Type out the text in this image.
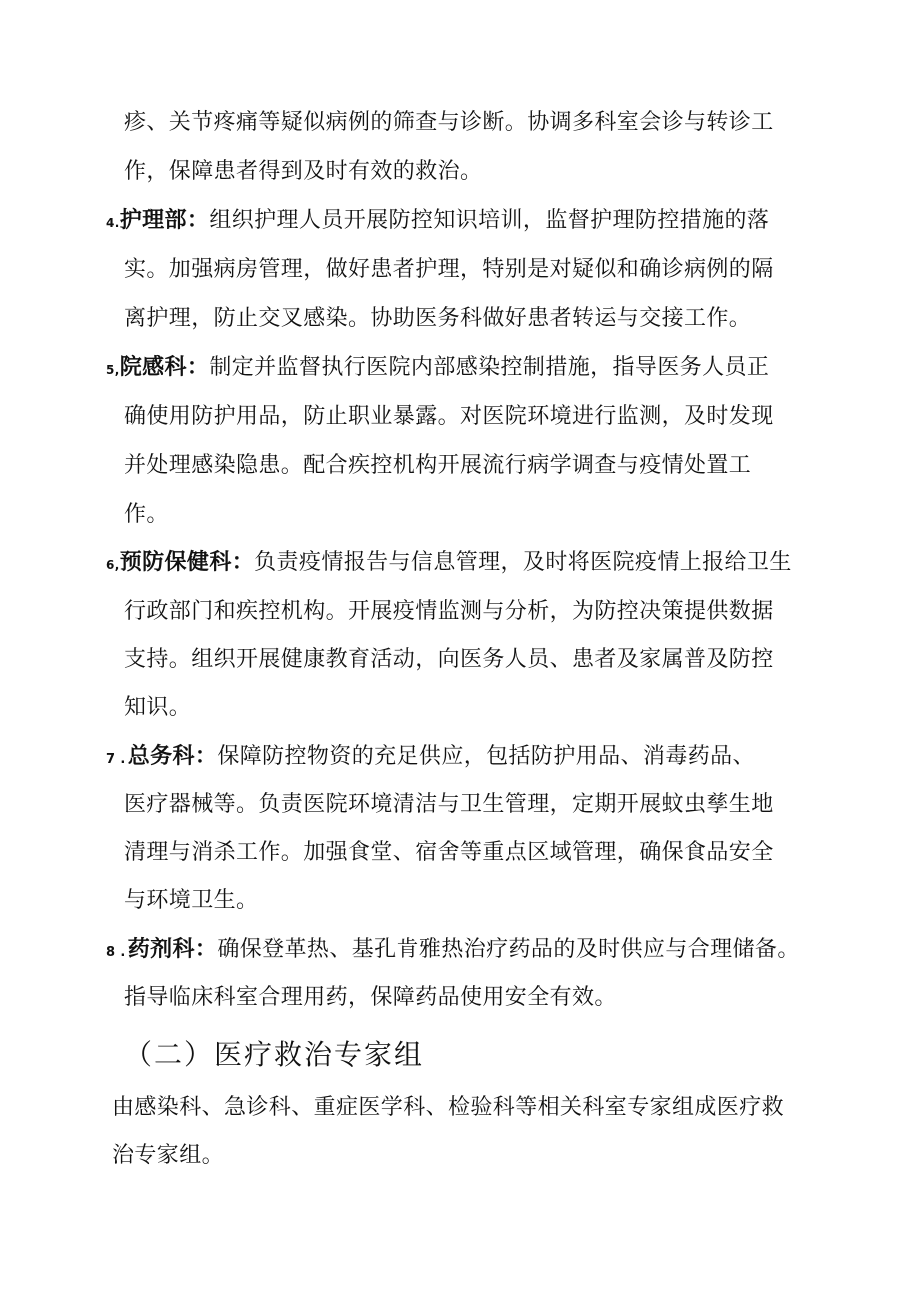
疹、关节疼痛等疑似病例的筛查与诊断。协调多科室会诊与转诊工
作，保障患者得到及时有效的救治。
4.护理部：组织护理人员开展防控知识培训，监督护理防控措施的落
实。加强病房管理，做好患者护理，特别是对疑似和确诊病例的隔
离护理，防止交叉感染。协助医务科做好患者转运与交接工作。
5,院感科：制定并监督执行医院内部感染控制措施，指导医务人员正
确使用防护用品，防止职业暴露。对医院环境进行监测，及时发现
并处理感染隐患。配合疾控机构开展流行病学调查与疫情处置工
作。
6,预防保健科：负责疫情报告与信息管理，及时将医院疫情上报给卫生
行政部门和疾控机构。开展疫情监测与分析，为防控决策提供数据
支持。组织开展健康教育活动，向医务人员、患者及家属普及防控
知识。
7 .总务科：保障防控物资的充足供应，包括防护用品、消毒药品、
医疗器械等。负责医院环境清洁与卫生管理，定期开展蚊虫孳生地
清理与消杀工作。加强食堂、宿舍等重点区域管理，确保食品安全
与环境卫生。
8 .药剂科：确保登革热、基孔肯雅热治疗药品的及时供应与合理储备。
指导临床科室合理用药，保障药品使用安全有效。
（二）医疗救治专家组
由感染科、急诊科、重症医学科、检验科等相关科室专家组成医疗救
治专家组。
